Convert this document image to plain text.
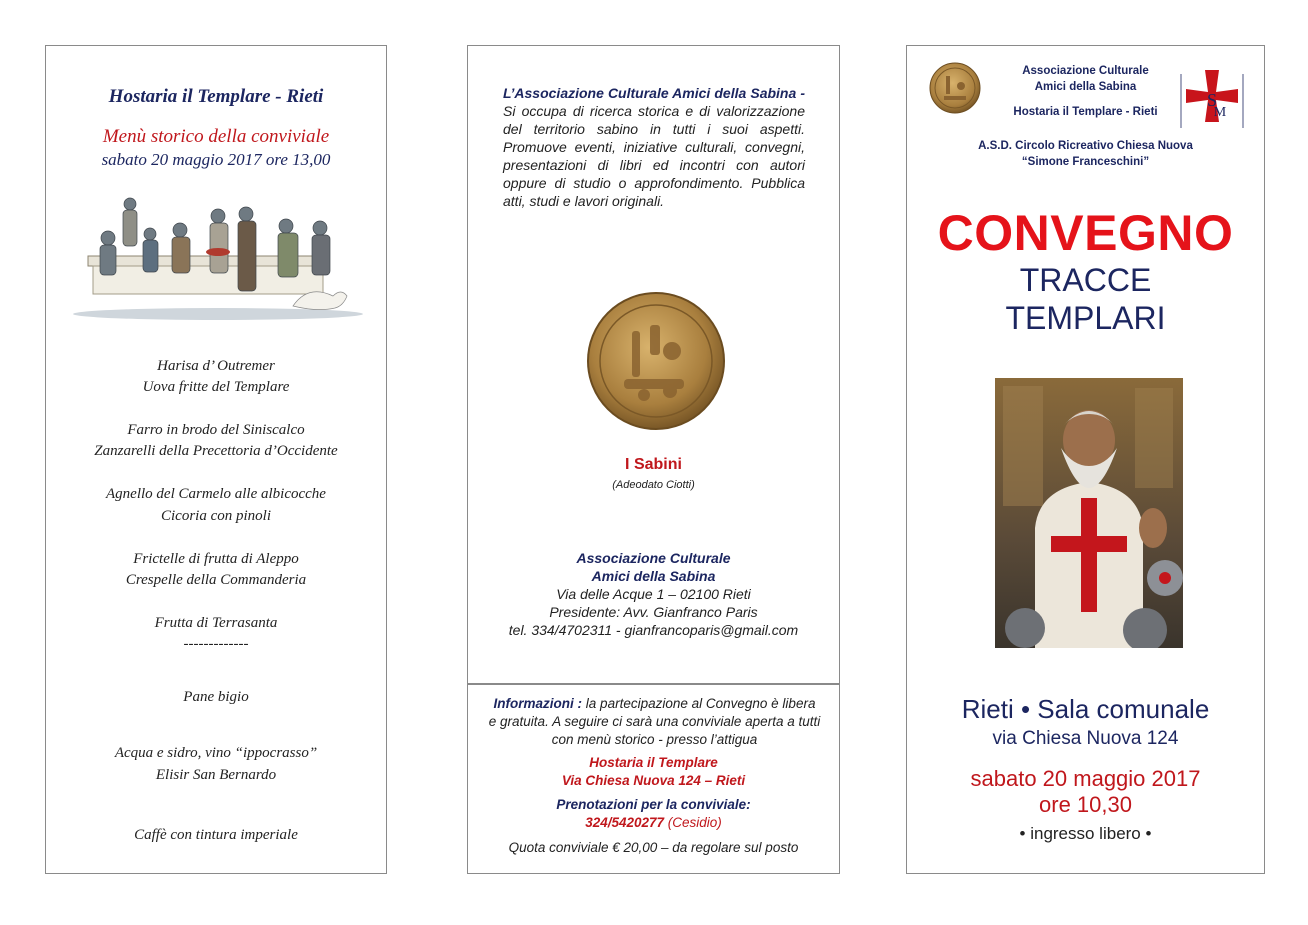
Hostaria il Templare - Rieti
Menù storico della conviviale
sabato 20 maggio 2017 ore 13,00
Harisa d’ Outremer
Uova fritte del Templare
Farro in brodo del Siniscalco
Zanzarelli della Precettoria d’Occidente
Agnello del Carmelo alle albicocche
Cicoria con pinoli
Frictelle di frutta di Aleppo
Crespelle della Commanderia
Frutta di Terrasanta
-------------
Pane bigio
Acqua e sidro, vino “ippocrasso”
Elisir San Bernardo
Caffè con tintura imperiale
L’Associazione Culturale Amici della Sabina - Si occupa di ricerca storica e di valorizzazione del territorio sabino in tutti i suoi aspetti. Promuove eventi, iniziative culturali, convegni, presentazioni di libri ed incontri con autori oppure di studio o approfondimento. Pubblica atti, studi e lavori originali.
I Sabini
(Adeodato Ciotti)
Associazione Culturale
Amici della Sabina
Via delle Acque 1 – 02100 Rieti
Presidente: Avv. Gianfranco Paris
tel. 334/4702311 - gianfrancoparis@gmail.com
Informazioni : la partecipazione al Convegno è libera e gratuita. A seguire ci sarà una conviviale aperta a tutti con menù storico - presso l’attigua
Hostaria il Templare
Via Chiesa Nuova 124 – Rieti
Prenotazioni per la conviviale:
324/5420277 (Cesidio)
Quota conviviale € 20,00 – da regolare sul posto
S
M
Associazione Culturale
Amici della Sabina
Hostaria il Templare - Rieti
A.S.D. Circolo Ricreativo Chiesa Nuova
“Simone Franceschini”
CONVEGNO
TRACCE
TEMPLARI
Rieti • Sala comunale
via Chiesa Nuova 124
sabato 20 maggio 2017
ore 10,30
• ingresso libero •
